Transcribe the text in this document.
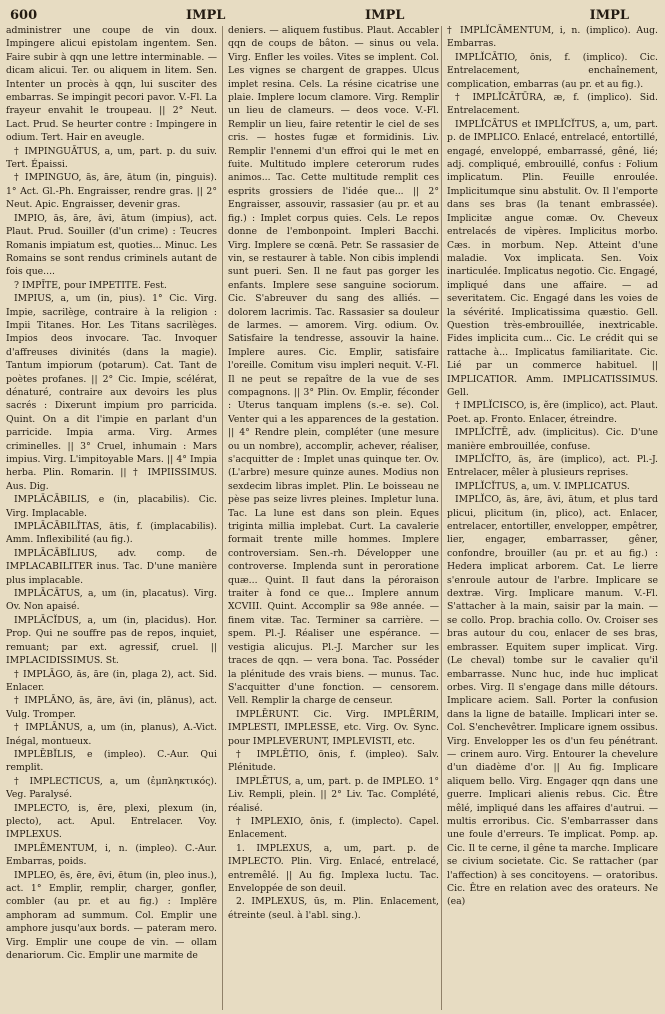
600	IMPL	IMPL	IMPL

administrer une coupe de vin doux. Impingere alicui epistolam ingentem. Sen. Faire subir à qqn une lettre interminable. — dicam alicui. Ter. ou aliquem in litem. Sen. Intenter un procès à qqn, lui susciter des embarras. Se impingit pecori pavor. V.-Fl. La frayeur envahit le troupeau. || 2° Neut. Lact. Prud. Se heurter contre : Impingere in odium. Tert. Hair en aveugle.

† IMPINGUĀTUS, a, um, part. p. du suiv. Tert. Épaissi.

† IMPINGUO, ās, āre, ātum (in, pinguis). 1° Act. Gl.-Ph. Engraisser, rendre gras. || 2° Neut. Apic. Engraisser, devenir gras.

IMPIO, ās, āre, āvi, ātum (impius), act. Plaut. Prud. Souiller (d'un crime) : Teucres Romanis impiatum est, quoties... Minuc. Les Romains se sont rendus criminels autant de fois que....

? IMPĪTE, pour IMPETITE. Fest.

IMPIUS, a, um (in, pius). 1° Cic. Virg. Impie, sacrilège, contraire à la religion : Impii Titanes. Hor. Les Titans sacrilèges. Impios deos invocare. Tac. Invoquer d'affreuses divinités (dans la magie). Tantum impiorum (potarum). Cat. Tant de poètes profanes. || 2° Cic. Impie, scélérat, dénaturé, contraire aux devoirs les plus sacrés : Dixerunt impium pro parricida. Quint. On a dit l'impie en parlant d'un parricide. Impia arma. Virg. Armes criminelles. || 3° Cruel, inhumain : Mars impius. Virg. L'impitoyable Mars. || 4° Impia herba. Plin. Romarin. || † IMPIISSIMUS. Aus. Dig.

IMPLĀCĀBILIS, e (in, placabilis). Cic. Virg. Implacable.

IMPLĀCĀBILĬTAS, ātis, f. (implacabilis). Amm. Inflexibilité (au fig.).

IMPLĀCĀBĬLIUS, adv. comp. de IMPLACABILITER inus. Tac. D'une manière plus implacable.

IMPLĀCĀTUS, a, um (in, placatus). Virg. Ov. Non apaisé.

IMPLĀCĬDUS, a, um (in, placidus). Hor. Prop. Qui ne souffre pas de repos, inquiet, remuant; par ext. agressif, cruel. || IMPLACIDISSIMUS. St.

† IMPLĀGO, ās, āre (in, plaga 2), act. Sid. Enlacer.

† IMPLĀNO, ās, āre, āvi (in, plānus), act. Vulg. Tromper.

† IMPLĀNUS, a, um (in, planus), A.-Vict. Inégal, montueux.

IMPLĒBĬLIS, e (impleo). C.-Aur. Qui remplit.

† IMPLECTICUS, a, um (ἐμπληκτικός). Veg. Paralysé.

IMPLECTO, is, ēre, plexi, plexum (in, plecto), act. Apul. Entrelacer. Voy. IMPLEXUS.

IMPLĒMENTUM, i, n. (impleo). C.-Aur. Embarras, poids.

IMPLEO, ēs, ēre, ēvi, ētum (in, pleo inus.), act. 1° Emplir, remplir, charger, gonfler, combler (au pr. et au fig.) : Implēre amphoram ad summum. Col. Emplir une amphore jusqu'aux bords. — pateram mero. Virg. Emplir une coupe de vin. — ollam denariorum. Cic. Emplir une marmite de

deniers. — aliquem fustibus. Plaut. Accabler qqn de coups de bâton. — sinus ou vela. Virg. Enfler les voiles. Vites se implent. Col. Les vignes se chargent de grappes. Ulcus implet resina. Cels. La résine cicatrise une plaie. Implere locum clamore. Virg. Remplir un lieu de clameurs. — deos voce. V.-Fl. Remplir un lieu, faire retentir le ciel de ses cris. — hostes fugæ et formidinis. Liv. Remplir l'ennemi d'un effroi qui le met en fuite. Multitudo implere ceterorum rudes animos... Tac. Cette multitude remplit ces esprits grossiers de l'idée que... || 2° Engraisser, assouvir, rassasier (au pr. et au fig.) : Implet corpus quies. Cels. Le repos donne de l'embonpoint. Impleri Bacchi. Virg. Implere se cœnā. Petr. Se rassasier de vin, se restaurer à table. Non cibis implendi sunt pueri. Sen. Il ne faut pas gorger les enfants. Implere sese sanguine sociorum. Cic. S'abreuver du sang des alliés. — dolorem lacrimis. Tac. Rassasier sa douleur de larmes. — amorem. Virg. odium. Ov. Satisfaire la tendresse, assouvir la haine. Implere aures. Cic. Emplir, satisfaire l'oreille. Comitum visu impleri nequit. V.-Fl. Il ne peut se repaître de la vue de ses compagnons. || 3° Plin. Ov. Emplir, féconder : Uterus tanquam implens (s.-e. se). Col. Venter qui a les apparences de la gestation. || 4° Rendre plein, compléter (une mesure ou un nombre), accomplir, achever, réaliser, s'acquitter de : Implet unas quinque ter. Ov. (L'arbre) mesure quinze aunes. Modius non sexdecim libras implet. Plin. Le boisseau ne pèse pas seize livres pleines. Impletur luna. Tac. La lune est dans son plein. Eques triginta millia implebat. Curt. La cavalerie formait trente mille hommes. Implere controversiam. Sen.-rh. Développer une controverse. Implenda sunt in peroratione quæ... Quint. Il faut dans la péroraison traiter à fond ce que... Implere annum XCVIII. Quint. Accomplir sa 98e année. — finem vitæ. Tac. Terminer sa carrière. — spem. Pl.-J. Réaliser une espérance. — vestigia alicujus. Pl.-J. Marcher sur les traces de qqn. — vera bona. Tac. Posséder la plénitude des vrais biens. — munus. Tac. S'acquitter d'une fonction. — censorem. Vell. Remplir la charge de censeur.

IMPLĒRUNT. Cic. Virg. IMPLĒRIM, IMPLESTI, IMPLESSE, etc. Virg. Ov. Sync. pour IMPLEVERUNT, IMPLEVISTI, etc.

† IMPLĒTIO, ōnis, f. (impleo). Salv. Plénitude.

IMPLĒTUS, a, um, part. p. de IMPLEO. 1° Liv. Rempli, plein. || 2° Liv. Tac. Complété, réalisé.

† IMPLEXIO, ōnis, f. (implecto). Capel. Enlacement.

1. IMPLEXUS, a, um, part. p. de IMPLECTO. Plin. Virg. Enlacé, entrelacé, entremêlé. || Au fig. Implexa luctu. Tac. Enveloppée de son deuil.

2. IMPLEXUS, ūs, m. Plin. Enlacement, étreinte (seul. à l'abl. sing.).

† IMPLĬCĀMENTUM, i, n. (implico). Aug. Embarras.

IMPLĬCĀTIO, ōnis, f. (implico). Cic. Entrelacement, enchaînement, complication, embarras (au pr. et au fig.).

† IMPLĬCĀTŪRA, æ, f. (implico). Sid. Entrelacement.

IMPLĬCĀTUS et IMPLĬCĬTUS, a, um, part. p. de IMPLICO. Enlacé, entrelacé, entortillé, engagé, enveloppé, embarrassé, gêné, lié; adj. compliqué, embrouillé, confus : Folium implicatum. Plin. Feuille enroulée. Implicitumque sinu abstulit. Ov. Il l'emporte dans ses bras (la tenant embrassée). Implicitæ angue comæ. Ov. Cheveux entrelacés de vipères. Implicitus morbo. Cæs. in morbum. Nep. Atteint d'une maladie. Vox implicata. Sen. Voix inarticulée. Implicatus negotio. Cic. Engagé, impliqué dans une affaire. — ad severitatem. Cic. Engagé dans les voies de la sévérité. Implicatissima quæstio. Gell. Question très-embrouillée, inextricable. Fides implicita cum... Cic. Le crédit qui se rattache à... Implicatus familiaritate. Cic. Lié par un commerce habituel. || IMPLICATIOR. Amm. IMPLICATISSIMUS. Gell.

† IMPLĬCISCO, is, ĕre (implico), act. Plaut. Poet. ap. Fronto. Enlacer, étreindre.

IMPLĬCĬTĒ, adv. (implicitus). Cic. D'une manière embrouillée, confuse.

IMPLĬCĬTO, ās, āre (implico), act. Pl.-J. Entrelacer, mêler à plusieurs reprises.

IMPLĬCĬTUS, a, um. V. IMPLICATUS.

IMPLĬCO, ās, āre, āvi, ātum, et plus tard plicui, plicitum (in, plico), act. Enlacer, entrelacer, entortiller, envelopper, empêtrer, lier, engager, embarrasser, gêner, confondre, brouiller (au pr. et au fig.) : Hedera implicat arborem. Cat. Le lierre s'enroule autour de l'arbre. Implicare se dextræ. Virg. Implicare manum. V.-Fl. S'attacher à la main, saisir par la main. — se collo. Prop. brachia collo. Ov. Croiser ses bras autour du cou, enlacer de ses bras, embrasser. Equitem super implicat. Virg. (Le cheval) tombe sur le cavalier qu'il embarrasse. Nunc huc, inde huc implicat orbes. Virg. Il s'engage dans mille détours. Implicare aciem. Sall. Porter la confusion dans la ligne de bataille. Implicari inter se. Col. S'enchevêtrer. Implicare ignem ossibus. Virg. Envelopper les os d'un feu pénétrant. — crinem auro. Virg. Entourer la chevelure d'un diadème d'or. || Au fig. Implicare aliquem bello. Virg. Engager qqn dans une guerre. Implicari alienis rebus. Cic. Être mêlé, impliqué dans les affaires d'autrui. — multis erroribus. Cic. S'embarrasser dans une foule d'erreurs. Te implicat. Pomp. ap. Cic. Il te cerne, il gêne ta marche. Implicare se civium societate. Cic. Se rattacher (par l'affection) à ses concitoyens. — oratoribus. Cic. Être en relation avec des orateurs. Ne (ea)
